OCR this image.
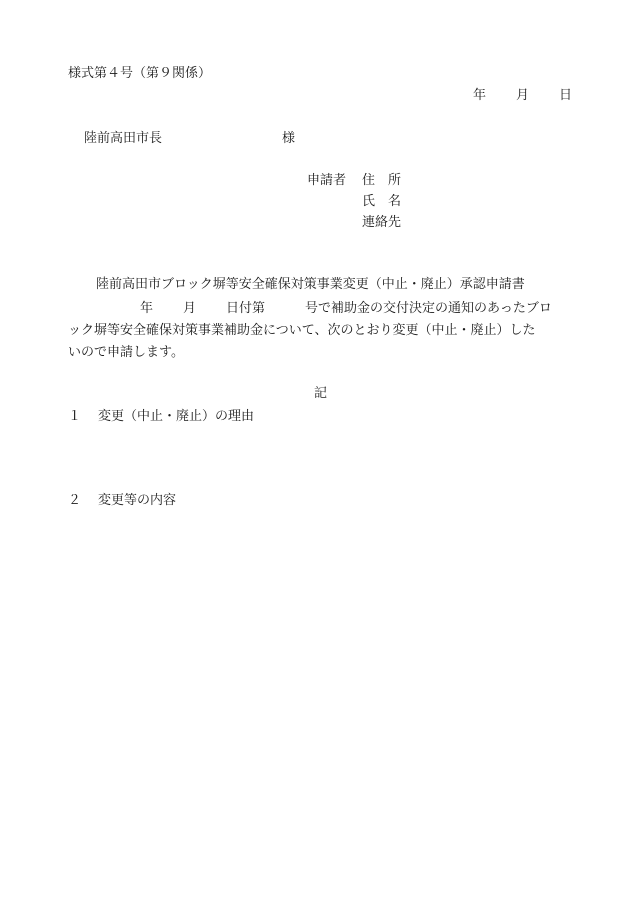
様式第４号（第９関係）
年 月 日
陸前高田市長	様
申請者 住　所
氏　名
連絡先
陸前高田市ブロック塀等安全確保対策事業変更（中止・廃止）承認申請書
年 月 日付第	号で補助金の交付決定の通知のあったブロ
ック塀等安全確保対策事業補助金について、次のとおり変更（中止・廃止）した
いので申請します。
記
１ 変更（中止・廃止）の理由
２ 変更等の内容
